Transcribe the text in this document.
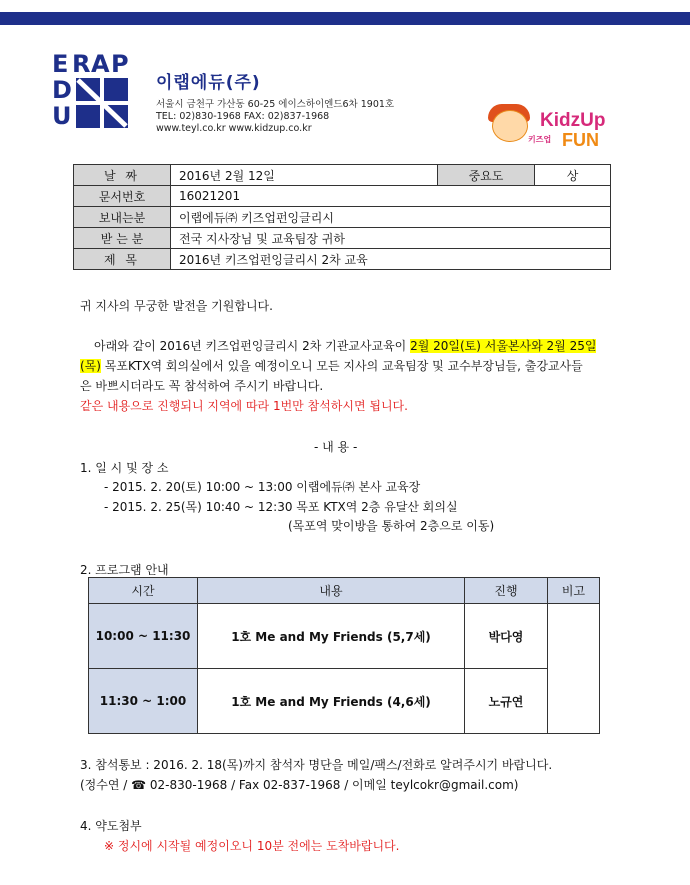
E R A P
D
U
이랩에듀(주)
서울시 금천구 가산동 60-25 에이스하이엔드6차 1901호
TEL: 02)830-1968 FAX: 02)837-1968
www.teyl.co.kr www.kidzup.co.kr	KidzUp
키즈업 FUN
날 짜	2016년 2월 12일	중요도	상
문서번호	16021201		
보내는분	이랩에듀㈜ 키즈업펀잉글리시		
받 는 분	전국 지사장님 및 교육팀장 귀하		
제 목	2016년 키즈업펀잉글리시 2차 교육		
귀 지사의 무궁한 발전을 기원합니다.
아래와 같이 2016년 키즈업펀잉글리시 2차 기관교사교육이 2월 20일(토) 서울본사와 2월 25일
(목) 목포KTX역 회의실에서 있을 예정이오니 모든 지사의 교육팀장 및 교수부장님들, 출강교사들
은 바쁘시더라도 꼭 참석하여 주시기 바랍니다.
같은 내용으로 진행되니 지역에 따라 1번만 참석하시면 됩니다.
- 내 용 -
1. 일 시 및 장 소
- 2015. 2. 20(토) 10:00 ~ 13:00 이랩에듀㈜ 본사 교육장
- 2015. 2. 25(목) 10:40 ~ 12:30 목포 KTX역 2층 유달산 회의실
(목포역 맞이방을 통하여 2층으로 이동)
2. 프로그램 안내
시간	내용	진행	비고
10:00 ~ 11:30	1호 Me and My Friends (5,7세)	박다영	
11:30 ~ 1:00	1호 Me and My Friends (4,6세)	노규연	
3. 참석통보 : 2016. 2. 18(목)까지 참석자 명단을 메일/팩스/전화로 알려주시기 바랍니다.
(정수연 / ☎ 02-830-1968 / Fax 02-837-1968 / 이메일 teylcokr@gmail.com)
4. 약도첨부
※ 정시에 시작될 예정이오니 10분 전에는 도착바랍니다.
